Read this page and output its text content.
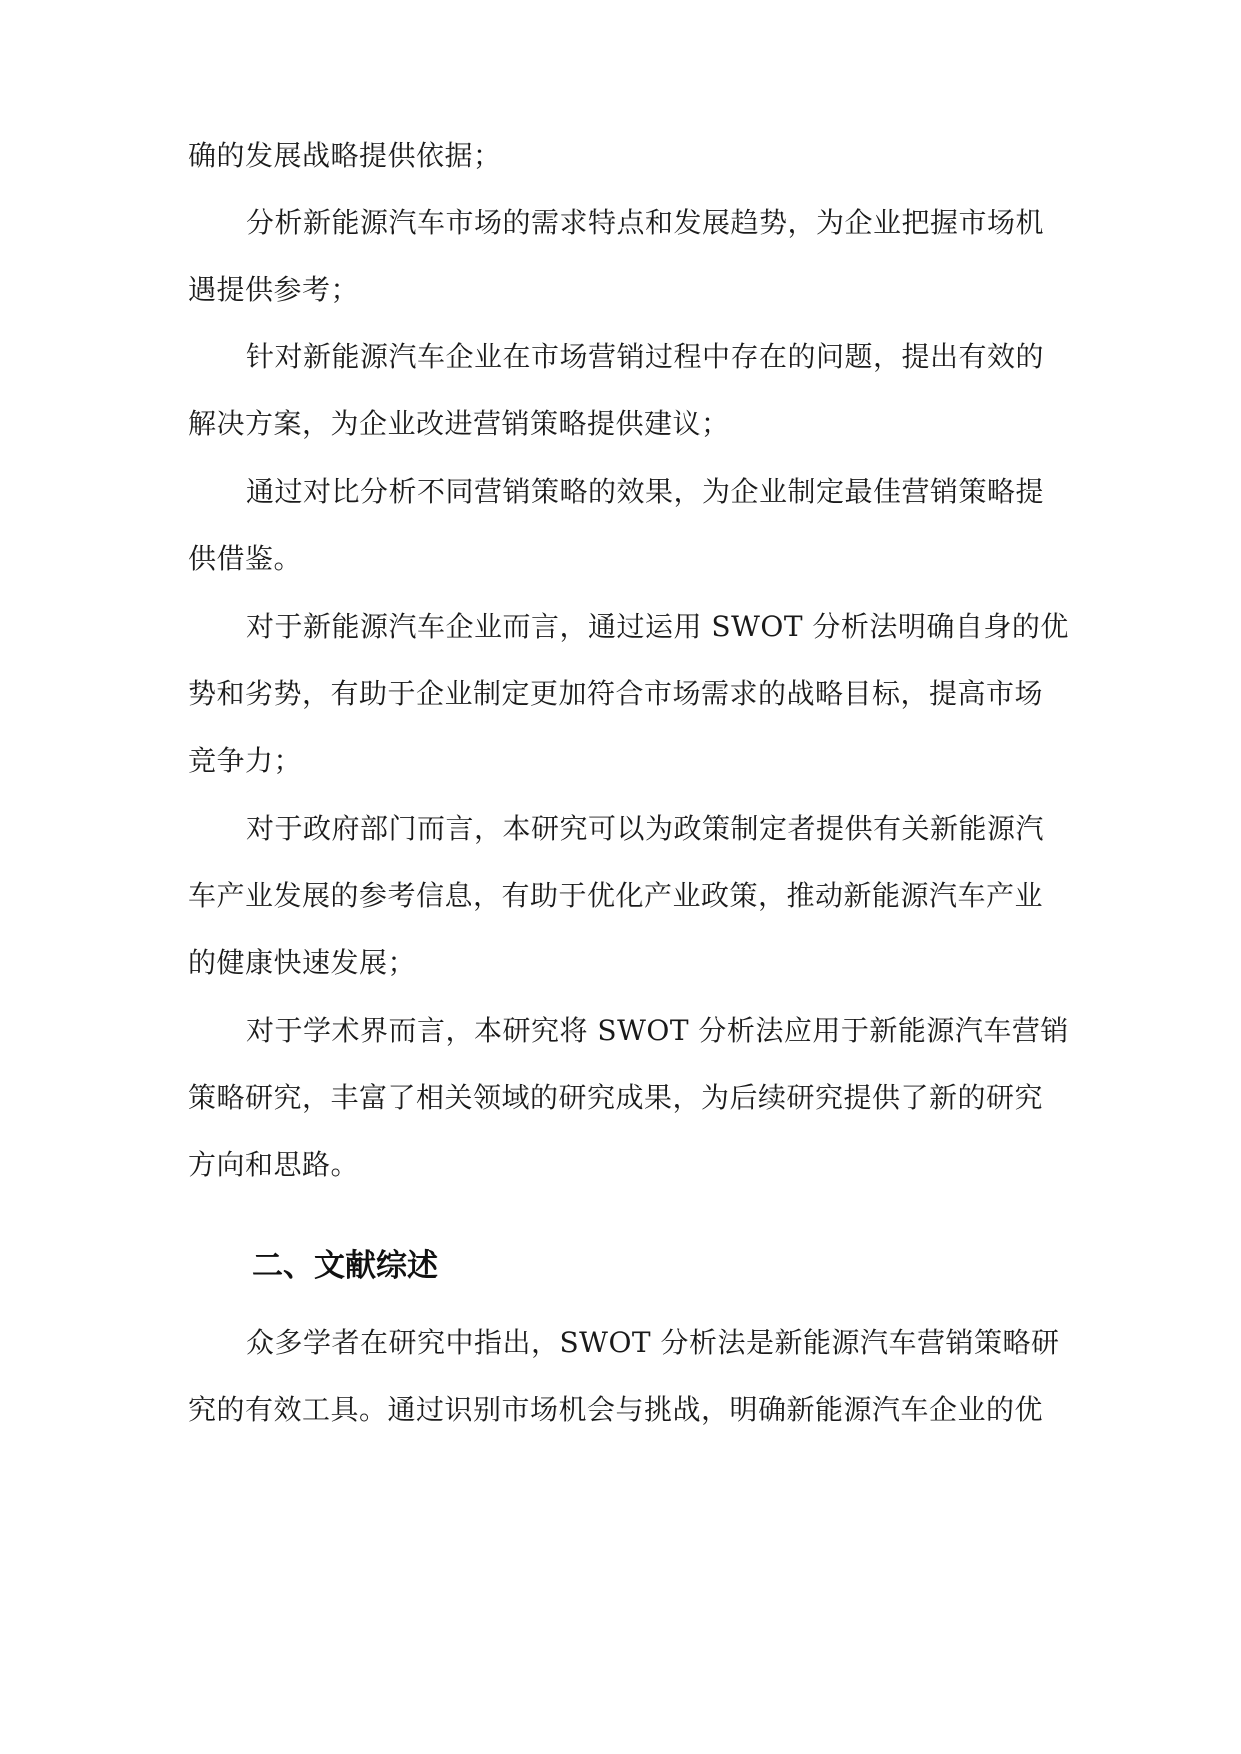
确的发展战略提供依据；
分析新能源汽车市场的需求特点和发展趋势，为企业把握市场机
遇提供参考；
针对新能源汽车企业在市场营销过程中存在的问题，提出有效的
解决方案，为企业改进营销策略提供建议；
通过对比分析不同营销策略的效果，为企业制定最佳营销策略提
供借鉴。
对于新能源汽车企业而言，通过运用 SWOT 分析法明确自身的优
势和劣势，有助于企业制定更加符合市场需求的战略目标，提高市场
竞争力；
对于政府部门而言，本研究可以为政策制定者提供有关新能源汽
车产业发展的参考信息，有助于优化产业政策，推动新能源汽车产业
的健康快速发展；
对于学术界而言，本研究将 SWOT 分析法应用于新能源汽车营销
策略研究，丰富了相关领域的研究成果，为后续研究提供了新的研究
方向和思路。
二、文献综述
众多学者在研究中指出，SWOT 分析法是新能源汽车营销策略研
究的有效工具。通过识别市场机会与挑战，明确新能源汽车企业的优
